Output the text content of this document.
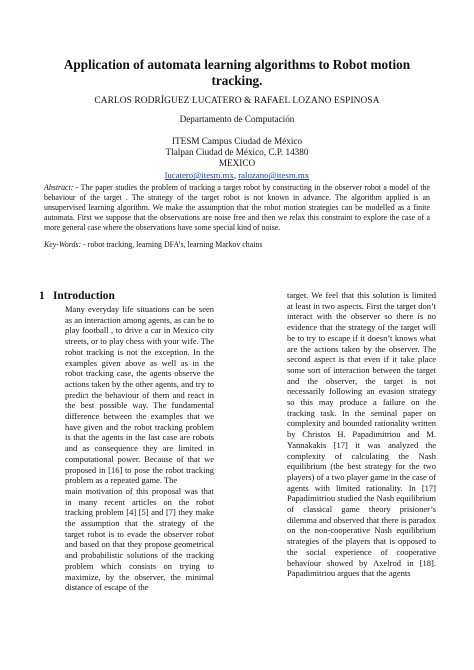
Application of automata learning algorithms to Robot motion tracking.
CARLOS RODRÍGUEZ LUCATERO & RAFAEL LOZANO ESPINOSA
Departamento de Computación
ITESM Campus Ciudad de México
Tlalpan Ciudad de México, C.P. 14380
MEXICO
lucatero@itesm.mx, ralozano@itesm.mx
Abstract: - The paper studies the problem of tracking a target robot by constructing in the observer robot a model of the behaviour of the target . The strategy of the target robot is not known in advance. The algorithm applied is an unsupervised learning algorithm. We make the assumption that the robot motion strategies can be modelled as a finite automata. First we suppose that the observations are noise free and then we relax this constraint to explore the case of a more general case where the observations have some special kind of noise.
Key-Words: - robot tracking, learning DFA’s, learning Markov chains
1 Introduction

Many everyday life situations can be seen as an interaction among agents, as can be to play football , to drive a car in Mexico city streets, or to play chess with your wife. The robot tracking is not the exception. In the examples given above as well as in the robot tracking case, the agents observe the actions taken by the other agents, and try to predict the behaviour of them and react in the best possible way. The fundamental difference between the examples that we have given and the robot tracking problem is that the agents in the last case are robots and as consequence they are limited in computational power. Because of that we proposed in [16] to pose the robot tracking problem as a repeated game. The

main motivation of this proposal was that in many recent articles on the robot tracking problem [4] [5] and [7] they make the assumption that the strategy of the target robot is to evade the observer robot and based on that they propose geometrical and probabilistic solutions of the tracking problem which consists on trying to maximize, by the observer, the minimal distance of escape of the

target. We feel that this solution is limited at least in two aspects. First the target don’t interact with the observer so there is no evidence that the strategy of the target will be to try to escape if it doesn’t knows what are the actions taken by the observer. The second aspect is that even if it take place some sort of interaction between the target and the observer, the target is not necessarily following an evasion strategy so this may produce a failure on the tracking task. In the seminal paper on complexity and bounded rationality written by Christos H. Papadimitriou and M. Yannakakis [17] it was analyzed the complexity of calculating the Nash equilibrium (the best strategy for the two players) of a two player game in the case of agents with limited rationality. In [17] Papadimitriou studied the Nash equilibrium of classical game theory prisioner’s dilemma and observed that there is paradox on the non-cooperative Nash equilibrium strategies of the players that is opposed to the social experience of cooperative behaviour showed by Axelrod in [18]. Papadimitriou argues that the agents
